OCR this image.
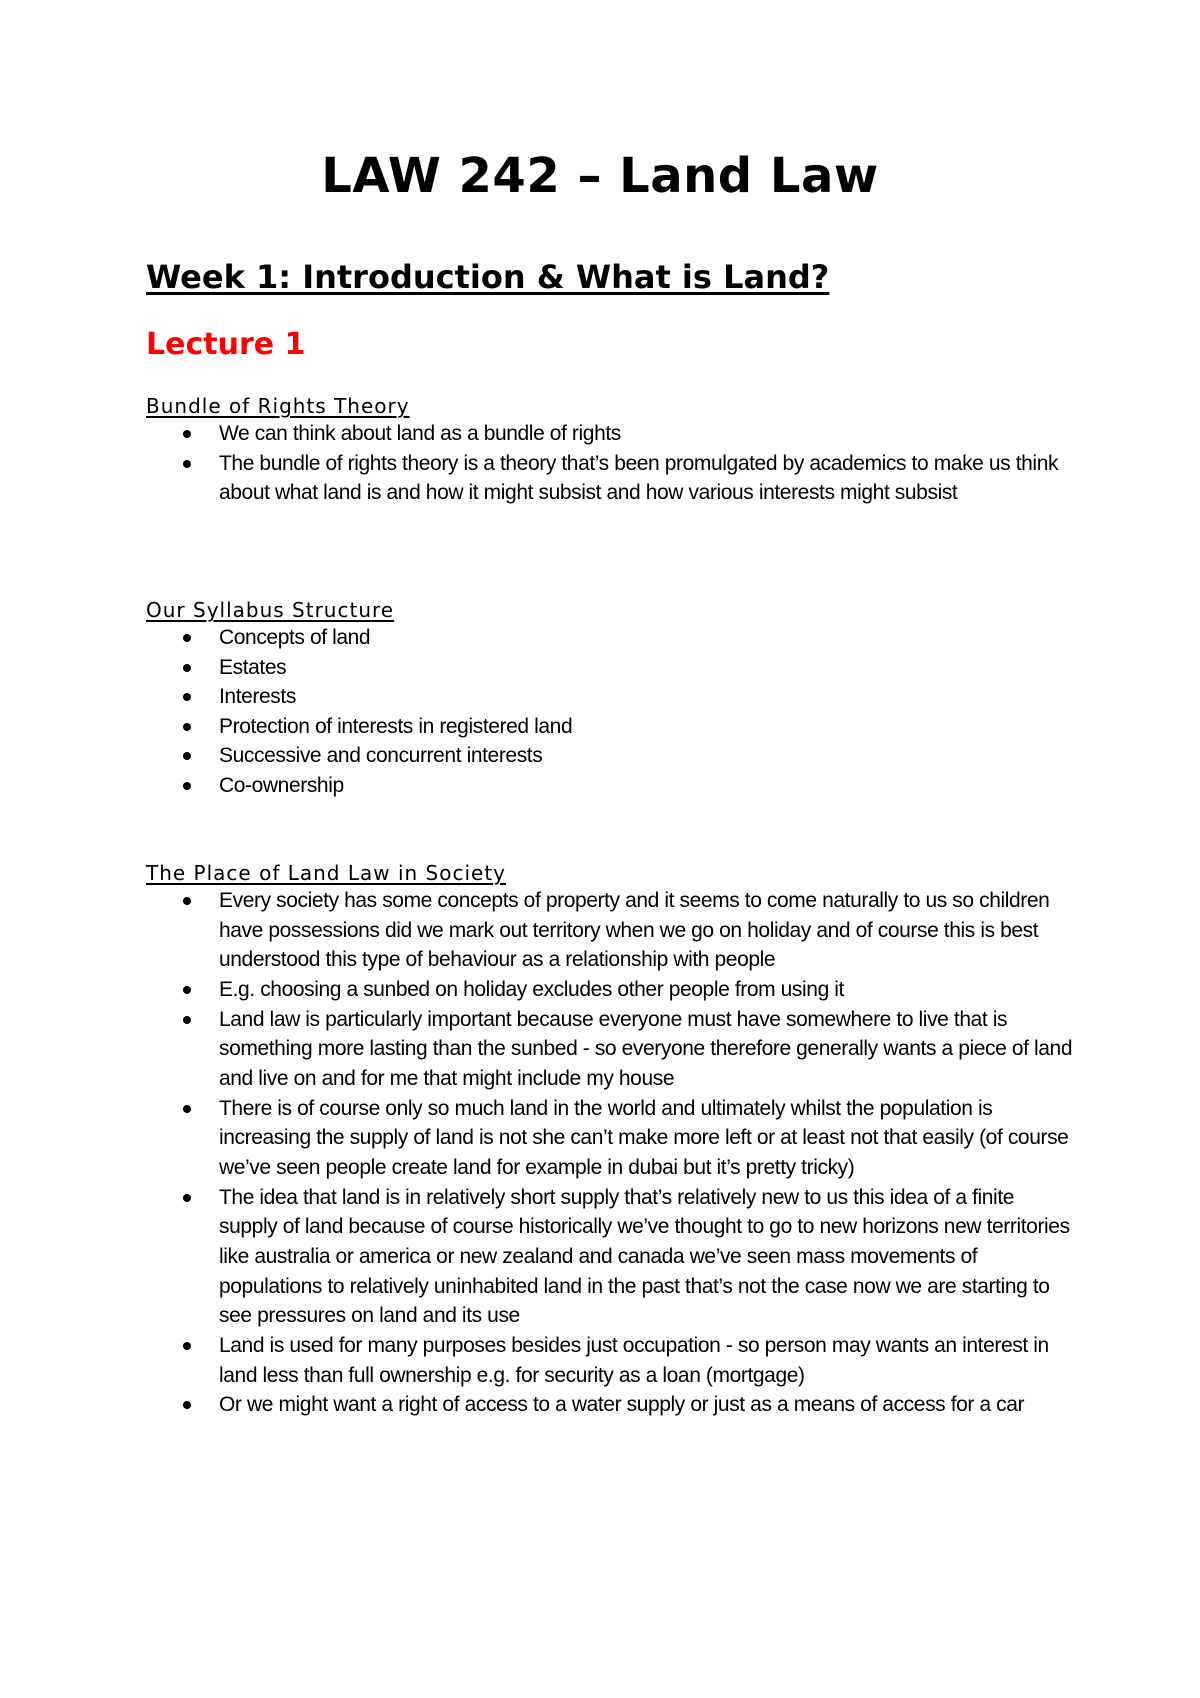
LAW 242 – Land Law
Week 1: Introduction & What is Land?
Lecture 1
Bundle of Rights Theory
We can think about land as a bundle of rights
The bundle of rights theory is a theory that’s been promulgated by academics to make us think about what land is and how it might subsist and how various interests might subsist
Our Syllabus Structure
Concepts of land
Estates
Interests
Protection of interests in registered land
Successive and concurrent interests
Co-ownership
The Place of Land Law in Society
Every society has some concepts of property and it seems to come naturally to us so children have possessions did we mark out territory when we go on holiday and of course this is best understood this type of behaviour as a relationship with people
E.g. choosing a sunbed on holiday excludes other people from using it
Land law is particularly important because everyone must have somewhere to live that is something more lasting than the sunbed - so everyone therefore generally wants a piece of land and live on and for me that might include my house
There is of course only so much land in the world and ultimately whilst the population is increasing the supply of land is not she can’t make more left or at least not that easily (of course we’ve seen people create land for example in dubai but it’s pretty tricky)
The idea that land is in relatively short supply that’s relatively new to us this idea of a finite supply of land because of course historically we’ve thought to go to new horizons new territories like australia or america or new zealand and canada we’ve seen mass movements of populations to relatively uninhabited land in the past that’s not the case now we are starting to see pressures on land and its use
Land is used for many purposes besides just occupation - so person may wants an interest in land less than full ownership e.g. for security as a loan (mortgage)
Or we might want a right of access to a water supply or just as a means of access for a car
